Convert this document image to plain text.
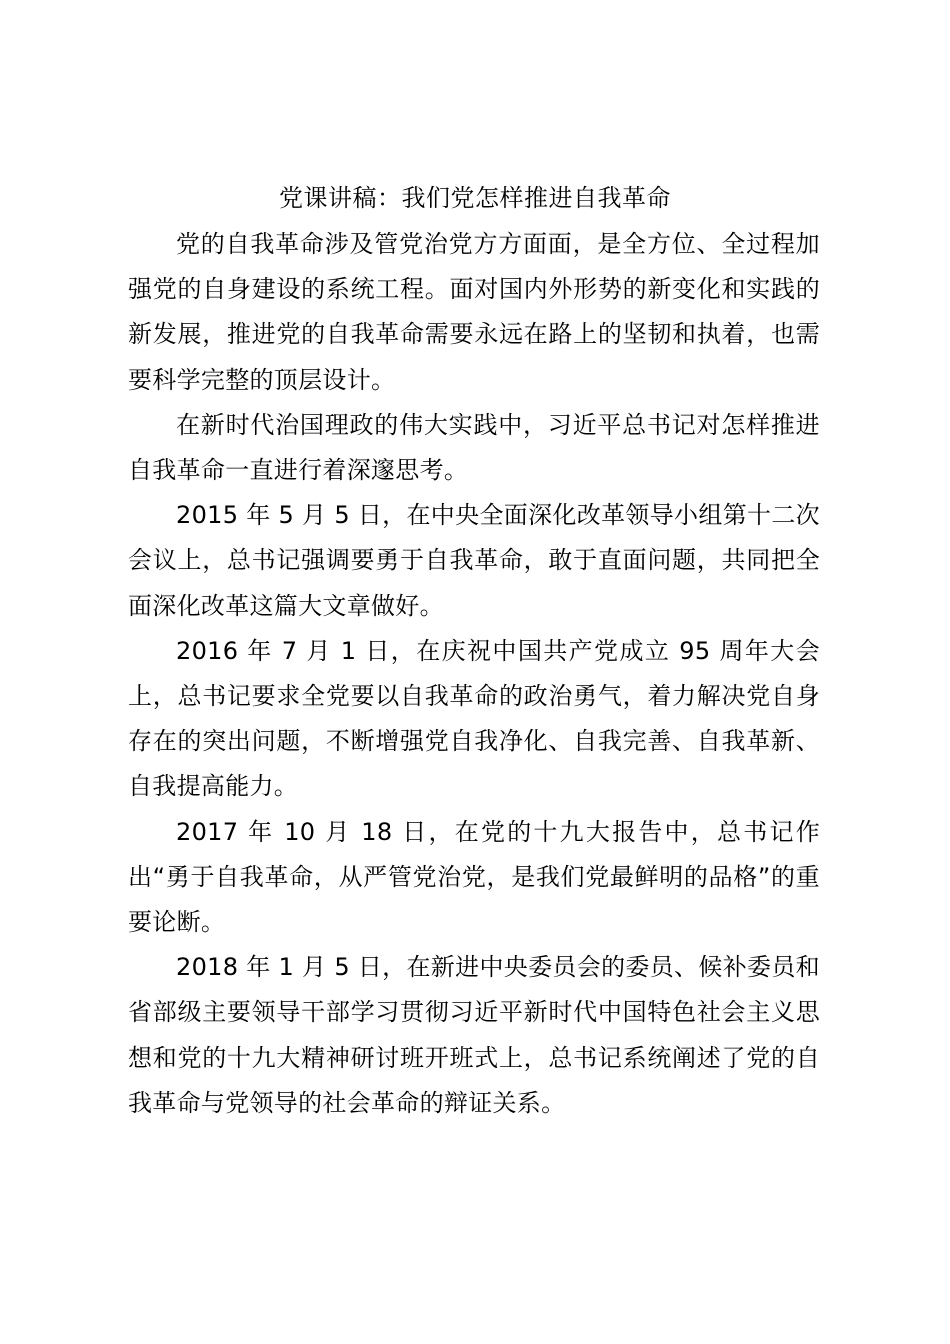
党课讲稿：我们党怎样推进自我革命

党的自我革命涉及管党治党方方面面，是全方位、全过程加强党的自身建设的系统工程。面对国内外形势的新变化和实践的新发展，推进党的自我革命需要永远在路上的坚韧和执着，也需要科学完整的顶层设计。

在新时代治国理政的伟大实践中，习近平总书记对怎样推进自我革命一直进行着深邃思考。

2015 年 5 月 5 日，在中央全面深化改革领导小组第十二次会议上，总书记强调要勇于自我革命，敢于直面问题，共同把全面深化改革这篇大文章做好。

2016 年 7 月 1 日，在庆祝中国共产党成立 95 周年大会上，总书记要求全党要以自我革命的政治勇气，着力解决党自身存在的突出问题，不断增强党自我净化、自我完善、自我革新、自我提高能力。

2017 年 10 月 18 日，在党的十九大报告中，总书记作出“勇于自我革命，从严管党治党，是我们党最鲜明的品格”的重要论断。

2018 年 1 月 5 日，在新进中央委员会的委员、候补委员和省部级主要领导干部学习贯彻习近平新时代中国特色社会主义思想和党的十九大精神研讨班开班式上，总书记系统阐述了党的自我革命与党领导的社会革命的辩证关系。
